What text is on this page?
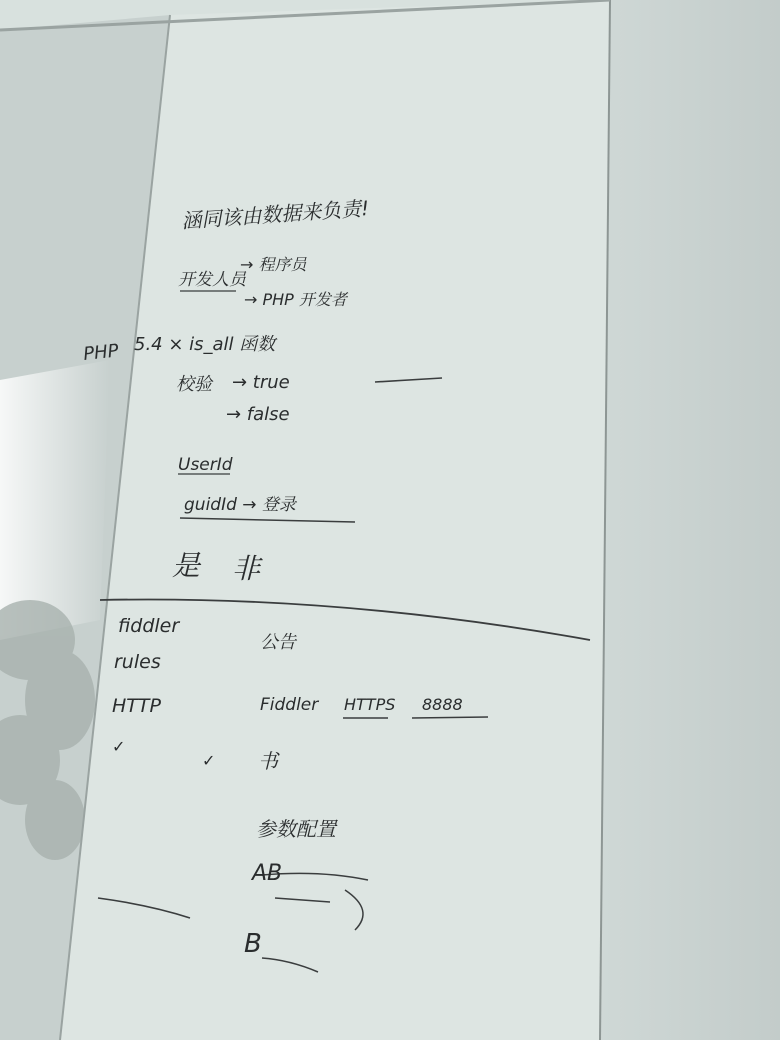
涵同该由数据来负责!
开发人员
→ 程序员
→ PHP 开发者
PHP 5.4 × is_all 函数
校验 → true
→ false
UserId
guidId → 登录
是 非
fiddler
rules
HTTP
✓
✓
公告
Fiddler HTTPS 8888
书
参数配置
AB
B
